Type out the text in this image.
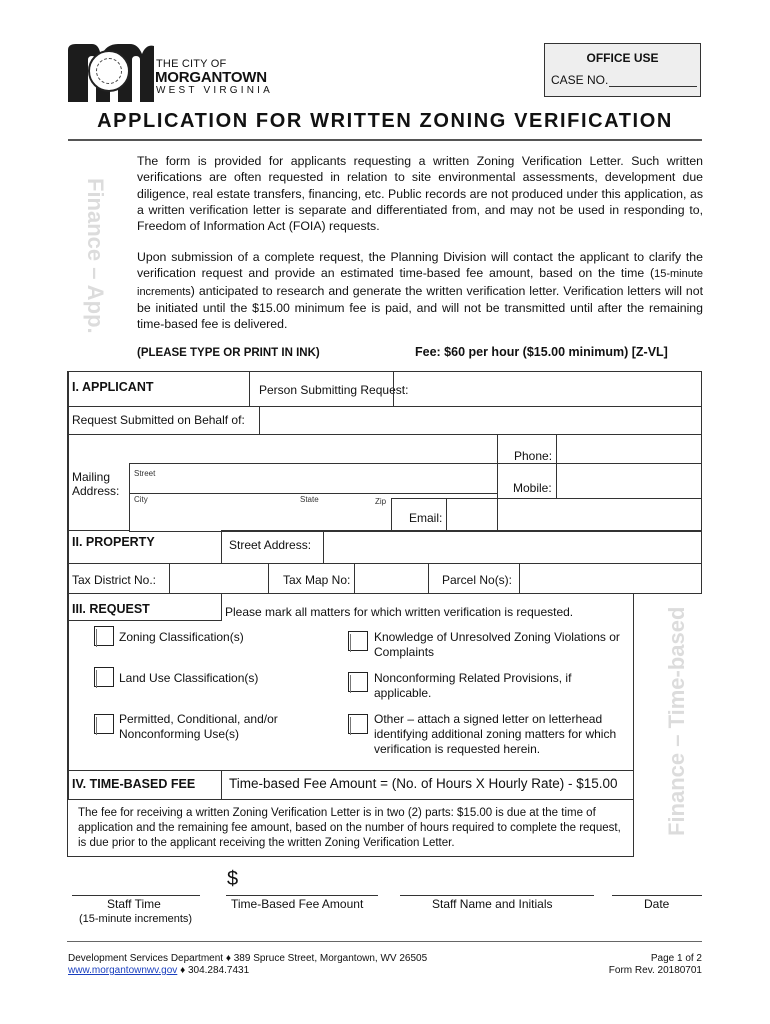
THE CITY OF
MORGANTOWN
WEST VIRGINIA
OFFICE USE
CASE NO.
APPLICATION FOR WRITTEN ZONING VERIFICATION
Finance – App.
Finance – Time-based
The form is provided for applicants requesting a written Zoning Verification Letter. Such written verifications are often requested in relation to site environmental assessments, development due diligence, real estate transfers, financing, etc. Public records are not produced under this application, as a written verification letter is separate and differentiated from, and may not be used in responding to, Freedom of Information Act (FOIA) requests.
Upon submission of a complete request, the Planning Division will contact the applicant to clarify the verification request and provide an estimated time-based fee amount, based on the time (15-minute increments) anticipated to research and generate the written verification letter. Verification letters will not be initiated until the $15.00 minimum fee is paid, and will not be transmitted until after the remaining time-based fee is delivered.
(PLEASE TYPE OR PRINT IN INK)	Fee: $60 per hour ($15.00 minimum) [Z-VL]
I. APPLICANT	Person Submitting Request:
Request Submitted on Behalf of:
Mailing
Address:
Phone:
Street
Mobile:
City	State	Zip
Email:
II. PROPERTY	Street Address:
Tax District No.:	Tax Map No:	Parcel No(s):
III. REQUEST	Please mark all matters for which written verification is requested.
Zoning Classification(s)	Knowledge of Unresolved Zoning Violations or Complaints
Land Use Classification(s)	Nonconforming Related Provisions, if applicable.
Permitted, Conditional, and/or Nonconforming Use(s)
Other – attach a signed letter on letterhead identifying additional zoning matters for which verification is requested herein.
IV. TIME-BASED FEE	Time-based Fee Amount = (No. of Hours X Hourly Rate) - $15.00
The fee for receiving a written Zoning Verification Letter is in two (2) parts: $15.00 is due at the time of application and the remaining fee amount, based on the number of hours required to complete the request, is due prior to the applicant receiving the written Zoning Verification Letter.
$
Staff Time
(15-minute increments)
Time-Based Fee Amount	Staff Name and Initials	Date
Development Services Department ♦ 389 Spruce Street, Morgantown, WV 26505
www.morgantownwv.gov ♦ 304.284.7431
Page 1 of 2
Form Rev. 20180701
